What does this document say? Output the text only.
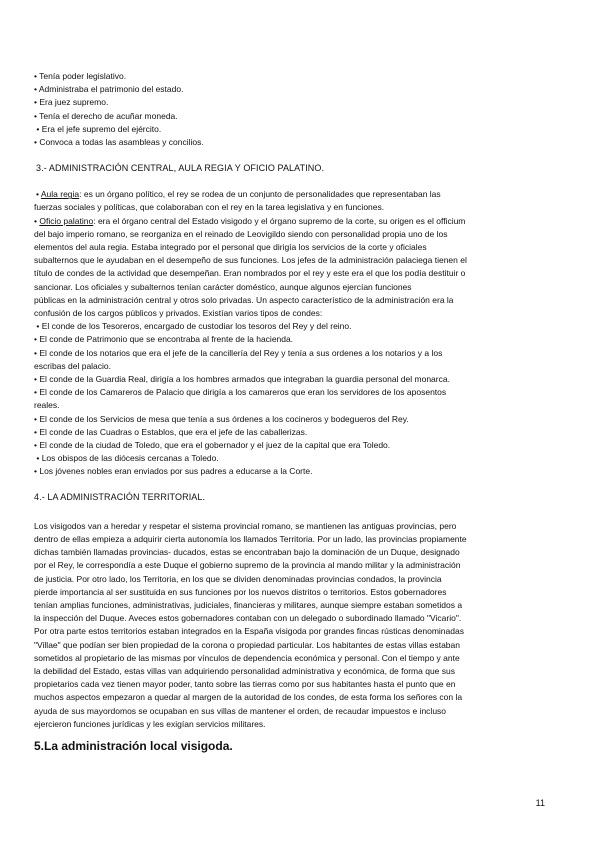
• Tenía poder legislativo.
• Administraba el patrimonio del estado.
• Era juez supremo.
• Tenía el derecho de acuñar moneda.
• Era el jefe supremo del ejército.
• Convoca a todas las asambleas y concilios.
3.- ADMINISTRACIÓN CENTRAL, AULA REGIA Y OFICIO PALATINO.
• Aula regia: es un órgano político, el rey se rodea de un conjunto de personalidades que representaban las
fuerzas sociales y políticas, que colaboraban con el rey en la tarea legislativa y en funciones.
• Oficio palatino: era el órgano central del Estado visigodo y el órgano supremo de la corte, su origen es el officium
del bajo imperio romano, se reorganiza en el reinado de Leovigildo siendo con personalidad propia uno de los
elementos del aula regia. Estaba integrado por el personal que dirigía los servicios de la corte y oficiales
subalternos que le ayudaban en el desempeño de sus funciones. Los jefes de la administración palaciega tienen el
título de condes de la actividad que desempeñan. Eran nombrados por el rey y este era el que los podía destituir o
sancionar. Los oficiales y subalternos tenían carácter doméstico, aunque algunos ejercían funciones
públicas en la administración central y otros solo privadas. Un aspecto característico de la administración era la
confusión de los cargos públicos y privados. Existían varios tipos de condes:
• El conde de los Tesoreros, encargado de custodiar los tesoros del Rey y del reino.
• El conde de Patrimonio que se encontraba al frente de la hacienda.
• El conde de los notarios que era el jefe de la cancillería del Rey y tenía a sus ordenes a los notarios y a los
escribas del palacio.
• El conde de la Guardia Real, dirigía a los hombres armados que integraban la guardia personal del monarca.
• El conde de los Camareros de Palacio que dirigía a los camareros que eran los servidores de los aposentos
reales.
• El conde de los Servicios de mesa que tenía a sus órdenes a los cocineros y bodegueros del Rey.
• El conde de las Cuadras o Establos, que era el jefe de las caballerizas.
• El conde de la ciudad de Toledo, que era el gobernador y el juez de la capital que era Toledo.
• Los obispos de las diócesis cercanas a Toledo.
• Los jóvenes nobles eran enviados por sus padres a educarse a la Corte.
4.- LA ADMINISTRACIÓN TERRITORIAL.
Los visigodos van a heredar y respetar el sistema provincial romano, se mantienen las antiguas provincias, pero
dentro de ellas empieza a adquirir cierta autonomía los llamados Territoria. Por un lado, las provincias propiamente
dichas también llamadas provincias- ducados, estas se encontraban bajo la dominación de un Duque, designado
por el Rey, le correspondía a este Duque el gobierno supremo de la provincia al mando militar y la administración
de justicia. Por otro lado, los Territoria, en los que se dividen denominadas provincias condados, la provincia
pierde importancia al ser sustituida en sus funciones por los nuevos distritos o territorios. Estos gobernadores
tenían amplias funciones, administrativas, judiciales, financieras y militares, aunque siempre estaban sometidos a
la inspección del Duque. Aveces estos gobernadores contaban con un delegado o subordinado llamado "Vicario".
Por otra parte estos territorios estaban integrados en la España visigoda por grandes fincas rústicas denominadas
"Villae" que podían ser bien propiedad de la corona o propiedad particular. Los habitantes de estas villas estaban
sometidos al propietario de las mismas por vínculos de dependencia económica y personal. Con el tiempo y ante
la debilidad del Estado, estas villas van adquiriendo personalidad administrativa y económica, de forma que sus
propietarios cada vez tienen mayor poder, tanto sobre las tierras como por sus habitantes hasta el punto que en
muchos aspectos empezaron a quedar al margen de la autoridad de los condes, de esta forma los señores con la
ayuda de sus mayordomos se ocupaban en sus villas de mantener el orden, de recaudar impuestos e incluso
ejercieron funciones jurídicas y les exigían servicios militares.
5.La administración local visigoda.
11
